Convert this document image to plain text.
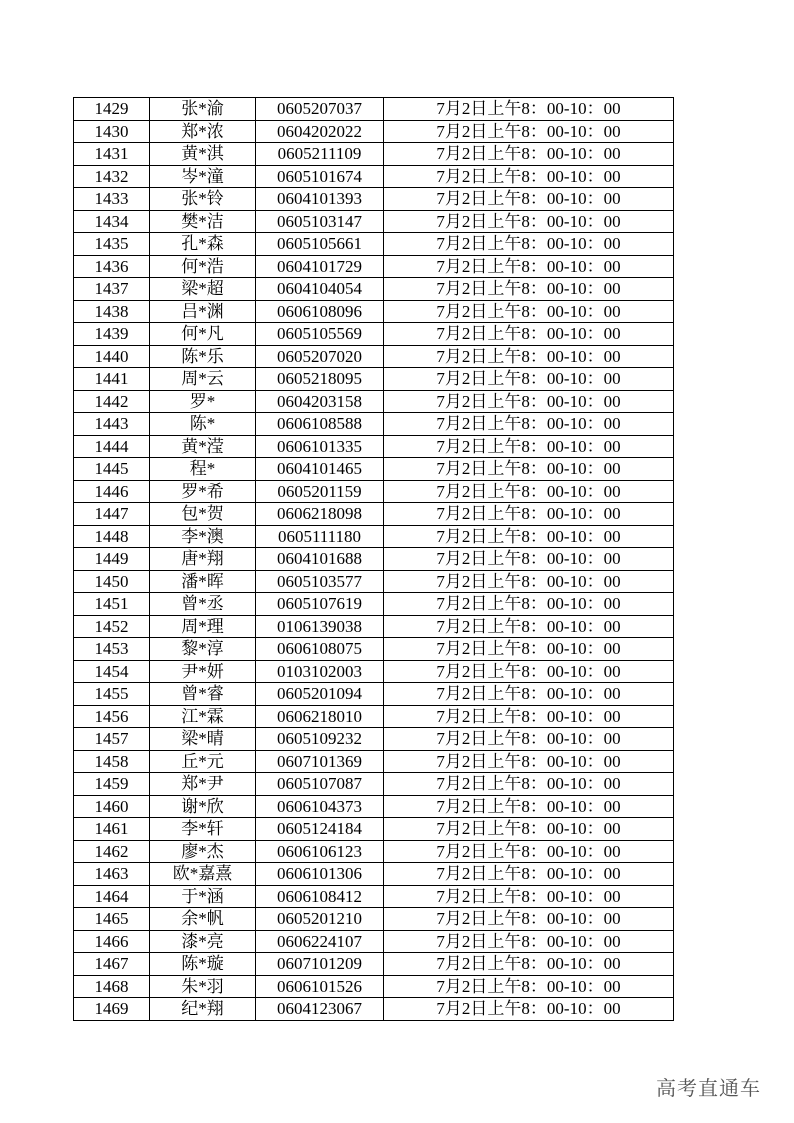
1429	张*渝	0605207037	7月2日上午8：00-10：00
1430	郑*浓	0604202022	7月2日上午8：00-10：00
1431	黄*淇	0605211109	7月2日上午8：00-10：00
1432	岑*潼	0605101674	7月2日上午8：00-10：00
1433	张*铃	0604101393	7月2日上午8：00-10：00
1434	樊*洁	0605103147	7月2日上午8：00-10：00
1435	孔*森	0605105661	7月2日上午8：00-10：00
1436	何*浩	0604101729	7月2日上午8：00-10：00
1437	梁*超	0604104054	7月2日上午8：00-10：00
1438	吕*渊	0606108096	7月2日上午8：00-10：00
1439	何*凡	0605105569	7月2日上午8：00-10：00
1440	陈*乐	0605207020	7月2日上午8：00-10：00
1441	周*云	0605218095	7月2日上午8：00-10：00
1442	罗*	0604203158	7月2日上午8：00-10：00
1443	陈*	0606108588	7月2日上午8：00-10：00
1444	黄*滢	0606101335	7月2日上午8：00-10：00
1445	程*	0604101465	7月2日上午8：00-10：00
1446	罗*希	0605201159	7月2日上午8：00-10：00
1447	包*贺	0606218098	7月2日上午8：00-10：00
1448	李*澳	0605111180	7月2日上午8：00-10：00
1449	唐*翔	0604101688	7月2日上午8：00-10：00
1450	潘*晖	0605103577	7月2日上午8：00-10：00
1451	曾*丞	0605107619	7月2日上午8：00-10：00
1452	周*理	0106139038	7月2日上午8：00-10：00
1453	黎*淳	0606108075	7月2日上午8：00-10：00
1454	尹*妍	0103102003	7月2日上午8：00-10：00
1455	曾*睿	0605201094	7月2日上午8：00-10：00
1456	江*霖	0606218010	7月2日上午8：00-10：00
1457	梁*晴	0605109232	7月2日上午8：00-10：00
1458	丘*元	0607101369	7月2日上午8：00-10：00
1459	郑*尹	0605107087	7月2日上午8：00-10：00
1460	谢*欣	0606104373	7月2日上午8：00-10：00
1461	李*轩	0605124184	7月2日上午8：00-10：00
1462	廖*杰	0606106123	7月2日上午8：00-10：00
1463	欧*嘉熹	0606101306	7月2日上午8：00-10：00
1464	于*涵	0606108412	7月2日上午8：00-10：00
1465	余*帆	0605201210	7月2日上午8：00-10：00
1466	漆*亮	0606224107	7月2日上午8：00-10：00
1467	陈*璇	0607101209	7月2日上午8：00-10：00
1468	朱*羽	0606101526	7月2日上午8：00-10：00
1469	纪*翔	0604123067	7月2日上午8：00-10：00
高考直通车
